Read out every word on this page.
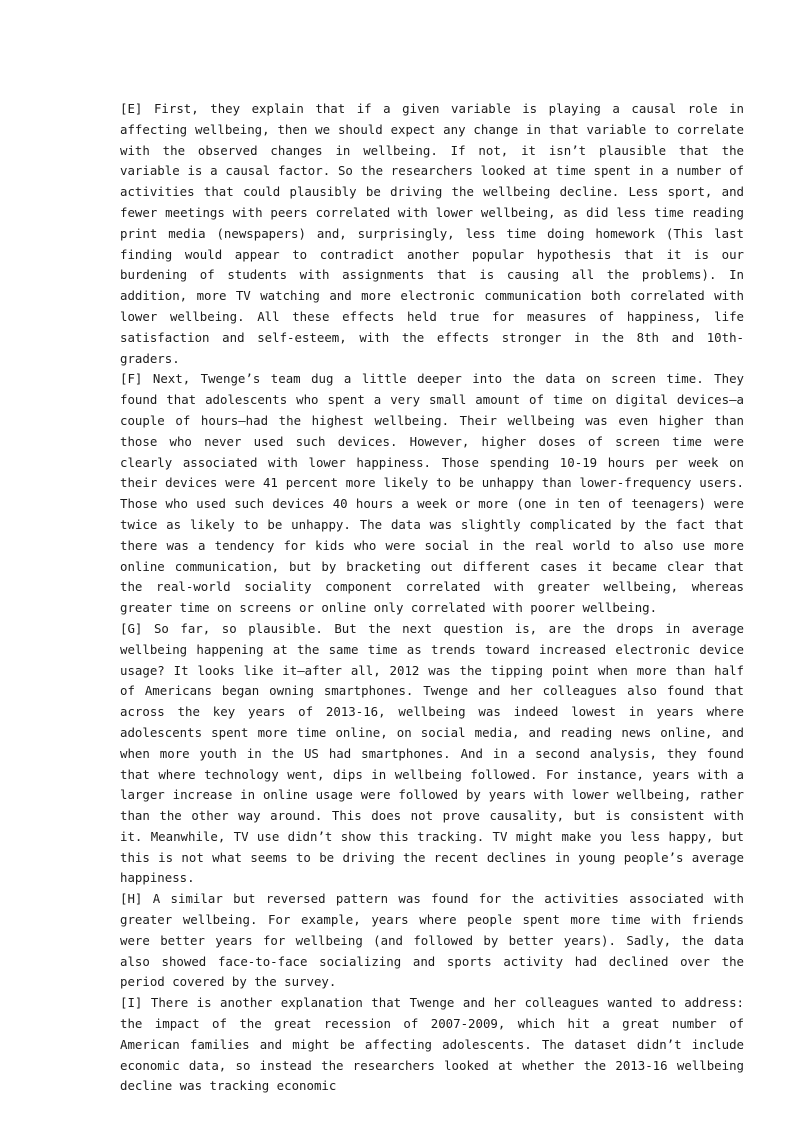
[E] First, they explain that if a given variable is playing a causal role in affecting wellbeing, then we should expect any change in that variable to correlate with the observed changes in wellbeing. If not, it isn’t plausible that the variable is a causal factor. So the researchers looked at time spent in a number of activities that could plausibly be driving the wellbeing decline. Less sport, and fewer meetings with peers correlated with lower wellbeing, as did less time reading print media (newspapers) and, surprisingly, less time doing homework (This last finding would appear to contradict another popular hypothesis that it is our burdening of students with assignments that is causing all the problems). In addition, more TV watching and more electronic communication both correlated with lower wellbeing. All these effects held true for measures of happiness, life satisfaction and self-esteem, with the effects stronger in the 8th and 10th-graders.

[F] Next, Twenge’s team dug a little deeper into the data on screen time. They found that adolescents who spent a very small amount of time on digital devices—a couple of hours—had the highest wellbeing. Their wellbeing was even higher than those who never used such devices. However, higher doses of screen time were clearly associated with lower happiness. Those spending 10-19 hours per week on their devices were 41 percent more likely to be unhappy than lower-frequency users. Those who used such devices 40 hours a week or more (one in ten of teenagers) were twice as likely to be unhappy. The data was slightly complicated by the fact that there was a tendency for kids who were social in the real world to also use more online communication, but by bracketing out different cases it became clear that the real-world sociality component correlated with greater wellbeing, whereas greater time on screens or online only correlated with poorer wellbeing.

[G] So far, so plausible. But the next question is, are the drops in average wellbeing happening at the same time as trends toward increased electronic device usage? It looks like it—after all, 2012 was the tipping point when more than half of Americans began owning smartphones. Twenge and her colleagues also found that across the key years of 2013-16, wellbeing was indeed lowest in years where adolescents spent more time online, on social media, and reading news online, and when more youth in the US had smartphones. And in a second analysis, they found that where technology went, dips in wellbeing followed. For instance, years with a larger increase in online usage were followed by years with lower wellbeing, rather than the other way around. This does not prove causality, but is consistent with it. Meanwhile, TV use didn’t show this tracking. TV might make you less happy, but this is not what seems to be driving the recent declines in young people’s average happiness.

[H] A similar but reversed pattern was found for the activities associated with greater wellbeing. For example, years where people spent more time with friends were better years for wellbeing (and followed by better years). Sadly, the data also showed face-to-face socializing and sports activity had declined over the period covered by the survey.

[I] There is another explanation that Twenge and her colleagues wanted to address: the impact of the great recession of 2007-2009, which hit a great number of American families and might be affecting adolescents. The dataset didn’t include economic data, so instead the researchers looked at whether the 2013-16 wellbeing decline was tracking economic
